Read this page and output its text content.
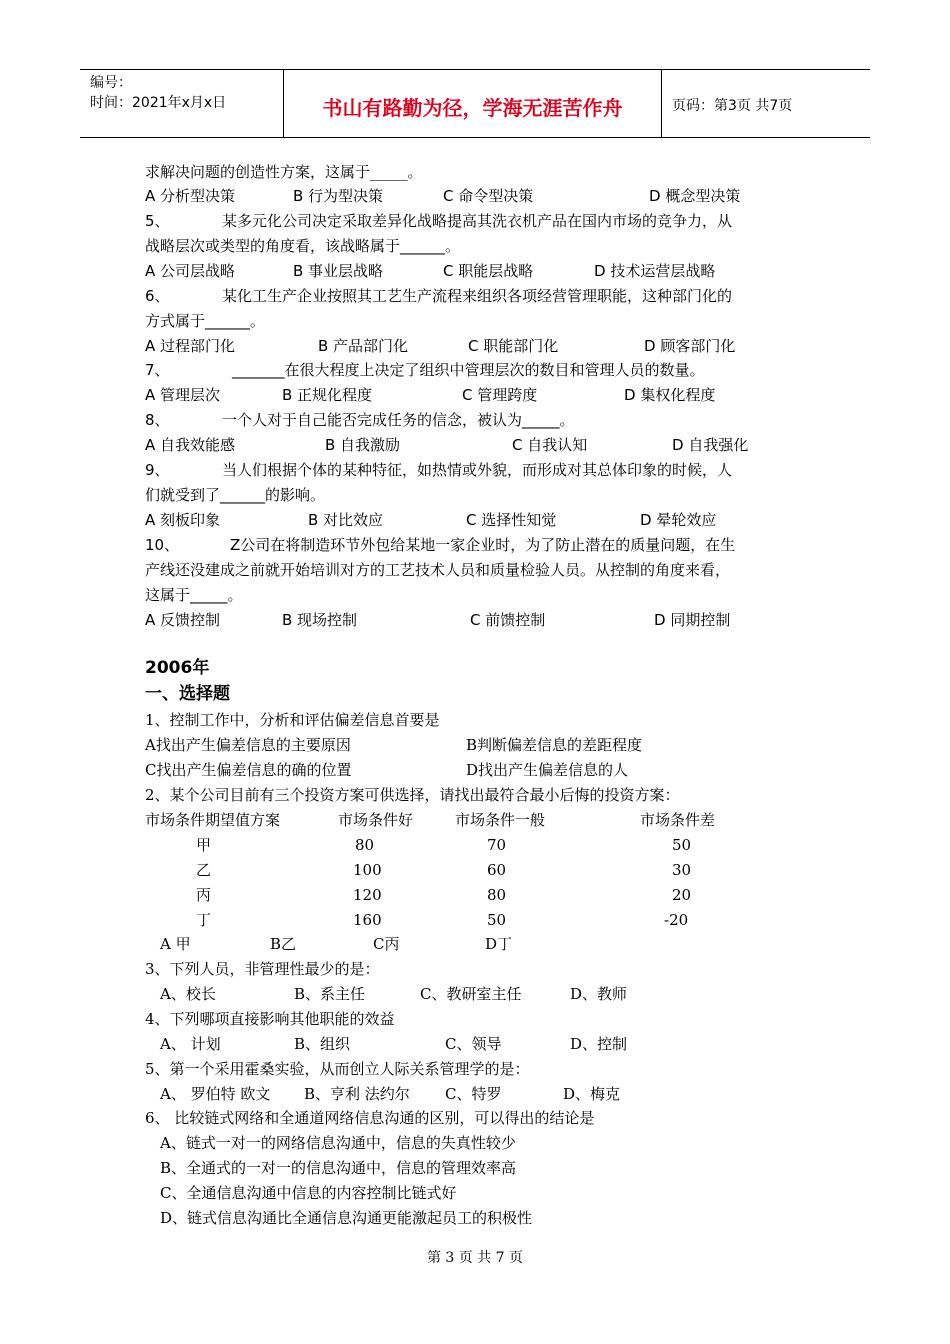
编号：
时间：2021年x月x日	书山有路勤为径，学海无涯苦作舟	页码：第3页 共7页
求解决问题的创造性方案，这属于_____。
A 分析型决策	B 行为型决策	C 命令型决策	D 概念型决策
5、	某多元化公司决定采取差异化战略提高其洗衣机产品在国内市场的竞争力，从
战略层次或类型的角度看，该战略属于______。
A 公司层战略	B 事业层战略	C 职能层战略	D 技术运营层战略
6、	某化工生产企业按照其工艺生产流程来组织各项经营管理职能，这种部门化的
方式属于______。
A 过程部门化	B 产品部门化	C 职能部门化	D 顾客部门化
7、	_______在很大程度上决定了组织中管理层次的数目和管理人员的数量。
A 管理层次	B 正规化程度	C 管理跨度	D 集权化程度
8、	一个人对于自己能否完成任务的信念，被认为_____。
A 自我效能感	B 自我激励	C 自我认知	D 自我强化
9、	当人们根据个体的某种特征，如热情或外貌，而形成对其总体印象的时候，人
们就受到了______的影响。
A 刻板印象	B 对比效应	C 选择性知觉	D 晕轮效应
10、	Z公司在将制造环节外包给某地一家企业时，为了防止潜在的质量问题，在生
产线还没建成之前就开始培训对方的工艺技术人员和质量检验人员。从控制的角度来看，
这属于_____。
A 反馈控制	B 现场控制	C 前馈控制	D 同期控制
2006年
一、选择题
1、控制工作中，分析和评估偏差信息首要是
A找出产生偏差信息的主要原因	B判断偏差信息的差距程度
C找出产生偏差信息的确的位置	D找出产生偏差信息的人
2、某个公司目前有三个投资方案可供选择，请找出最符合最小后悔的投资方案：
市场条件期望值方案	市场条件好	市场条件一般	市场条件差
甲	80	70	50
乙	100	60	30
丙	120	80	20
丁	160	50	-20
A 甲	B乙	C丙	D丁
3、下列人员，非管理性最少的是：
A、校长	B、系主任	C、教研室主任	D、教师
4、下列哪项直接影响其他职能的效益
A、 计划	B、组织	C、领导	D、控制
5、第一个采用霍桑实验，从而创立人际关系管理学的是：
A、 罗伯特 欧文 B、亨利 法约尔 C、特罗	D、梅克
6、 比较链式网络和全通道网络信息沟通的区别，可以得出的结论是
A、链式一对一的网络信息沟通中，信息的失真性较少
B、全通式的一对一的信息沟通中，信息的管理效率高
C、全通信息沟通中信息的内容控制比链式好
D、链式信息沟通比全通信息沟通更能激起员工的积极性
第 3 页 共 7 页
